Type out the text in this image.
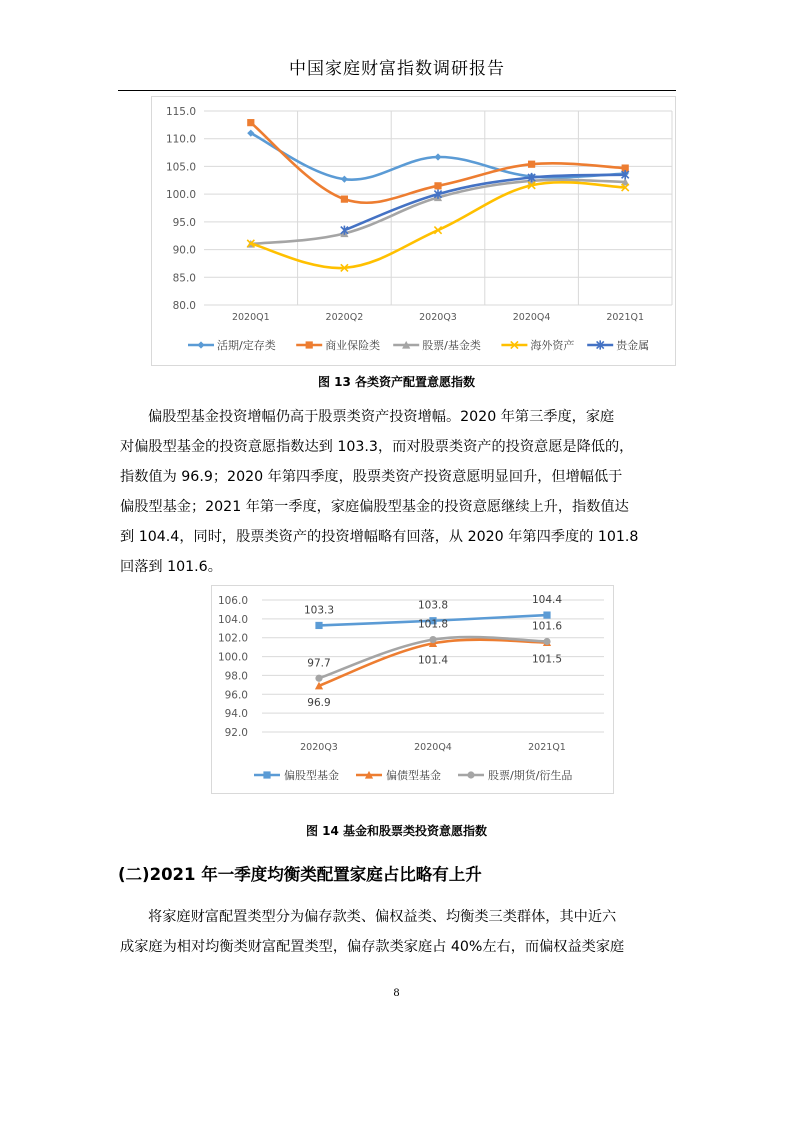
中国家庭财富指数调研报告
115.0
110.0
105.0
100.0
95.0
90.0
85.0
80.0
2020Q1	2020Q2	2020Q3	2020Q4	2021Q1
活期/定存类	商业保险类	股票/基金类	海外资产	贵金属
图 13 各类资产配置意愿指数

偏股型基金投资增幅仍高于股票类资产投资增幅。2020 年第三季度，家庭

对偏股型基金的投资意愿指数达到 103.3，而对股票类资产的投资意愿是降低的，

指数值为 96.9；2020 年第四季度，股票类资产投资意愿明显回升，但增幅低于

偏股型基金；2021 年第一季度，家庭偏股型基金的投资意愿继续上升，指数值达

到 104.4，同时，股票类资产的投资增幅略有回落，从 2020 年第四季度的 101.8

回落到 101.6。

106.0
104.0
102.0
100.0
98.0
96.0
94.0
92.0
2020Q3	2020Q4	2021Q1
103.3	103.8	104.4
96.9
101.4	101.5
97.7
101.8	101.6
偏股型基金	偏债型基金	股票/期货/衍生品
图 14 基金和股票类投资意愿指数
(二)2021 年一季度均衡类配置家庭占比略有上升

将家庭财富配置类型分为偏存款类、偏权益类、均衡类三类群体，其中近六

成家庭为相对均衡类财富配置类型，偏存款类家庭占 40%左右，而偏权益类家庭

8
